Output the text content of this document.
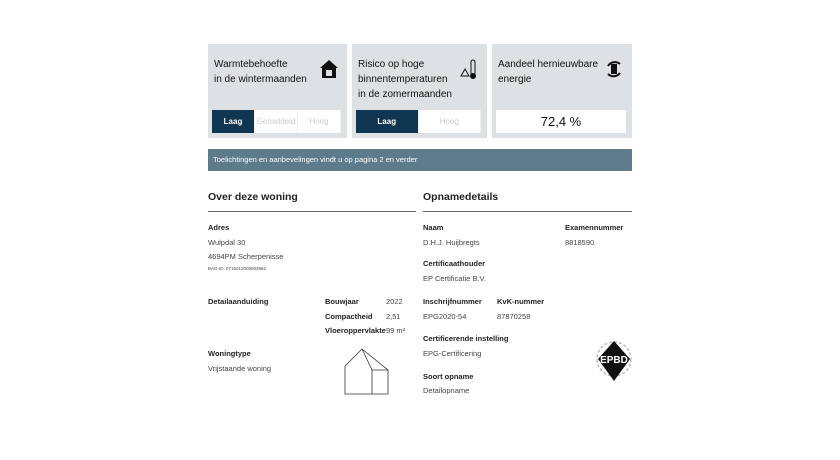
Warmtebehoefte
in de wintermaanden
Laag	Gemiddeld	Hoog
Risico op hoge
binnentemperaturen
in de zomermaanden
Laag	Hoog
Aandeel hernieuwbare
energie
72,4 %
Toelichtingen en aanbevelingen vindt u op pagina 2 en verder
Over deze woning
Adres
Wulpdal 30
4694PM Scherpenisse
BAG-ID: 0716012000003982
Detailaanduiding	Bouwjaar	2022
Compactheid 2,51
Vloeroppervlakte 99 m²
Woningtype
Vrijstaande woning
Opnamedetails
Naam
D.H.J. Huijbregts
Examennummer
8818590
Certificaathouder
EP Certificatie B.V.
Inschrijfnummer
EPG2020-54
KvK-nummer
87870258
Certificerende instelling
EPG-Certificering
Soort opname
Detailopname
EPBD
